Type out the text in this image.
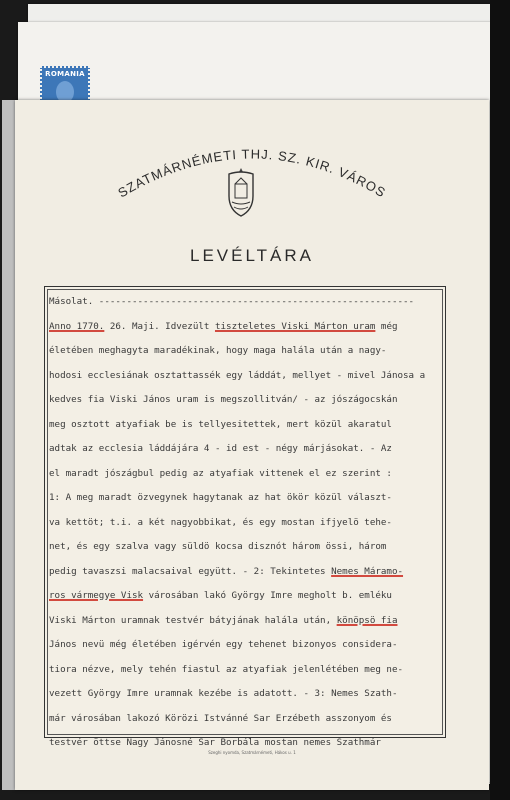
ROMANIA
SZATMÁRNÉMETI THJ. SZ. KIR. VÁROS
LEVÉLTÁRA
Másolat. ---------------------------------------------------------
Anno 1770. 26. Maji. Idvezült tiszteletes Viski Márton uram még
életében meghagyta maradékinak, hogy maga halála után a nagy-
hodosi ecclesiának osztattassék egy láddát, mellyet - mivel Jánosa a
kedves fia Viski János uram is megszollitván/ - az jószágocskán
meg osztott atyafiak be is tellyesitettek, mert közül akaratul
adtak az ecclesia láddájára 4 - id est - négy márjásokat. - Az
el maradt jószágbul pedig az atyafiak vittenek el ez szerint :
1: A meg maradt özvegynek hagytanak az hat ökör közül választ-
va kettöt; t.i. a két nagyobbikat, és egy mostan ifjyelö tehe-
net, és egy szalva vagy süldö kocsa disznót három össi, három
pedig tavaszsi malacsaival együtt. - 2: Tekintetes Nemes Máramo-
ros vármegye Visk városában lakó György Imre megholt b. emléku
Viski Márton uramnak testvér bátyjának halála után, könöpsö fia
János nevü még életében igérvén egy tehenet bizonyos considera-
tiora nézve, mely tehén fiastul az atyafiak jelenlétében meg ne-
vezett György Imre uramnak kezébe is adatott. - 3: Nemes Szath-
már városában lakozó Körözi Istvánné Sar Erzébeth asszonyom és
testvér öttse Nagy Jánosné Sar Borbála mostan nemes Szathmár
Szeghi nyomda, Szatmárnémeti, Hákos u. 1
